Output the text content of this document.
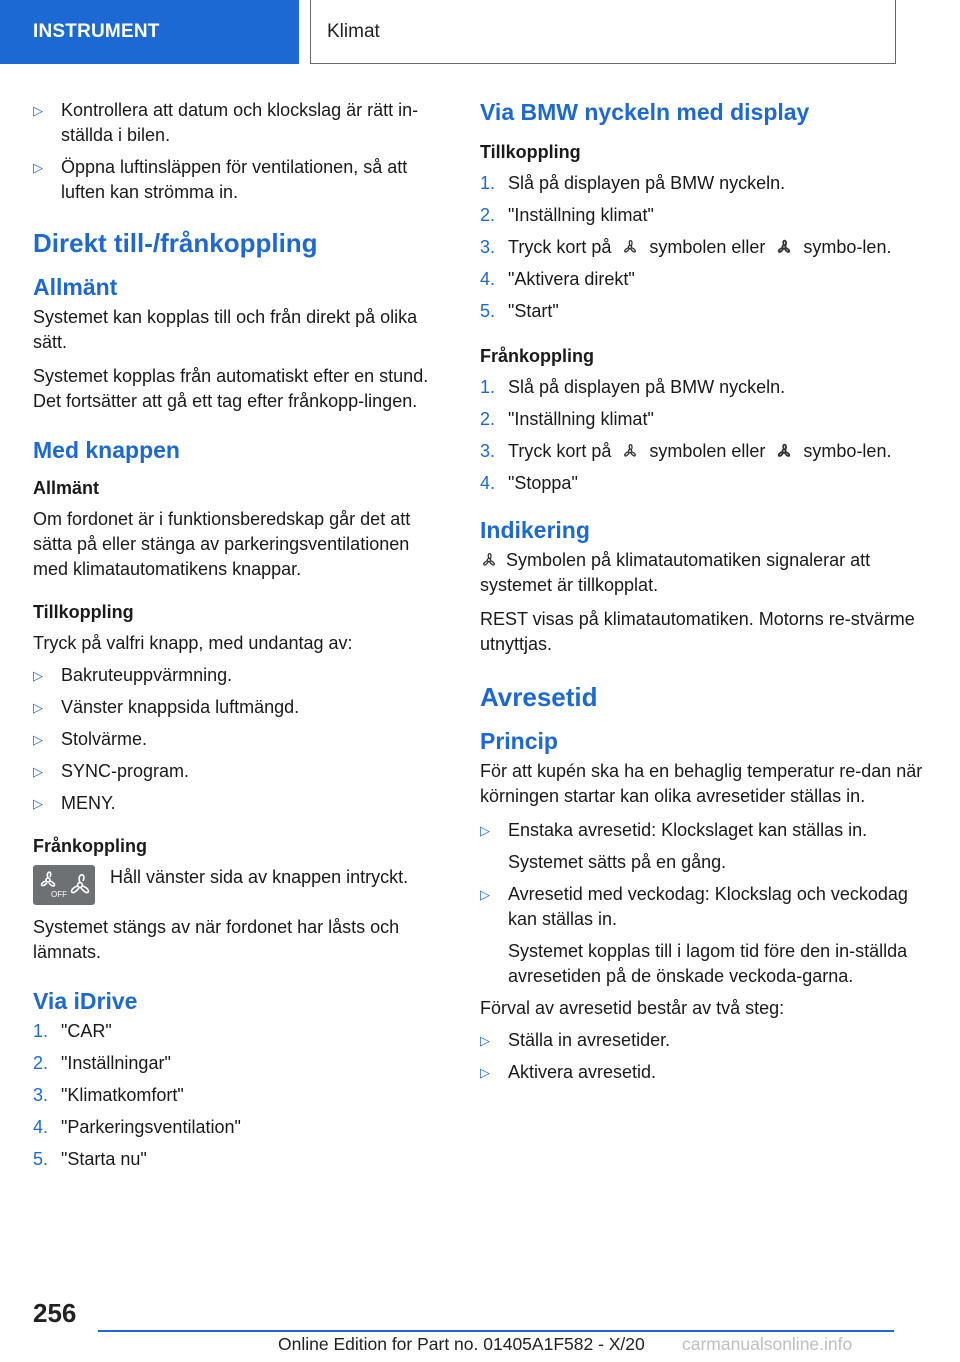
INSTRUMENT	Klimat
▷	Kontrollera att datum och klockslag är rätt in-ställda i bilen.
▷	Öppna luftinsläppen för ventilationen, så att luften kan strömma in.
Direkt till-/frånkoppling
Allmänt

Systemet kan kopplas till och från direkt på olika sätt.

Systemet kopplas från automatiskt efter en stund. Det fortsätter att gå ett tag efter frånkopp-lingen.

Med knappen
Allmänt

Om fordonet är i funktionsberedskap går det att sätta på eller stänga av parkeringsventilationen med klimatautomatikens knappar.

Tillkoppling

Tryck på valfri knapp, med undantag av:

▷	Bakruteuppvärmning.
▷	Vänster knappsida luftmängd.
▷	Stolvärme.
▷	SYNC-program.
▷	MENY.
Frånkoppling
OFF
Håll vänster sida av knappen intryckt.

Systemet stängs av när fordonet har låsts och lämnats.

Via iDrive
1. "CAR"
2. "Inställningar"
3. "Klimatkomfort"
4. "Parkeringsventilation"
5. "Starta nu"
Via BMW nyckeln med display
Tillkoppling
1. Slå på displayen på BMW nyckeln.
2. "Inställning klimat"
3. Tryck kort på symbolen eller symbo-len.
4. "Aktivera direkt"
5. "Start"
Frånkoppling
1. Slå på displayen på BMW nyckeln.
2. "Inställning klimat"
3. Tryck kort på symbolen eller symbo-len.
4. "Stoppa"
Indikering

Symbolen på klimatautomatiken signalerar att systemet är tillkopplat.

REST visas på klimatautomatiken. Motorns re-stvärme utnyttjas.

Avresetid
Princip

För att kupén ska ha en behaglig temperatur re-dan när körningen startar kan olika avresetider ställas in.

▷	Enstaka avresetid: Klockslaget kan ställas in.

Systemet sätts på en gång.

▷	Avresetid med veckodag: Klockslag och veckodag kan ställas in.

Systemet kopplas till i lagom tid före den in-ställda avresetiden på de önskade veckoda-garna.

Förval av avresetid består av två steg:

▷	Ställa in avresetider.
▷	Aktivera avresetid.
256
Online Edition for Part no. 01405A1F582 - X/20 carmanualsonline.info
